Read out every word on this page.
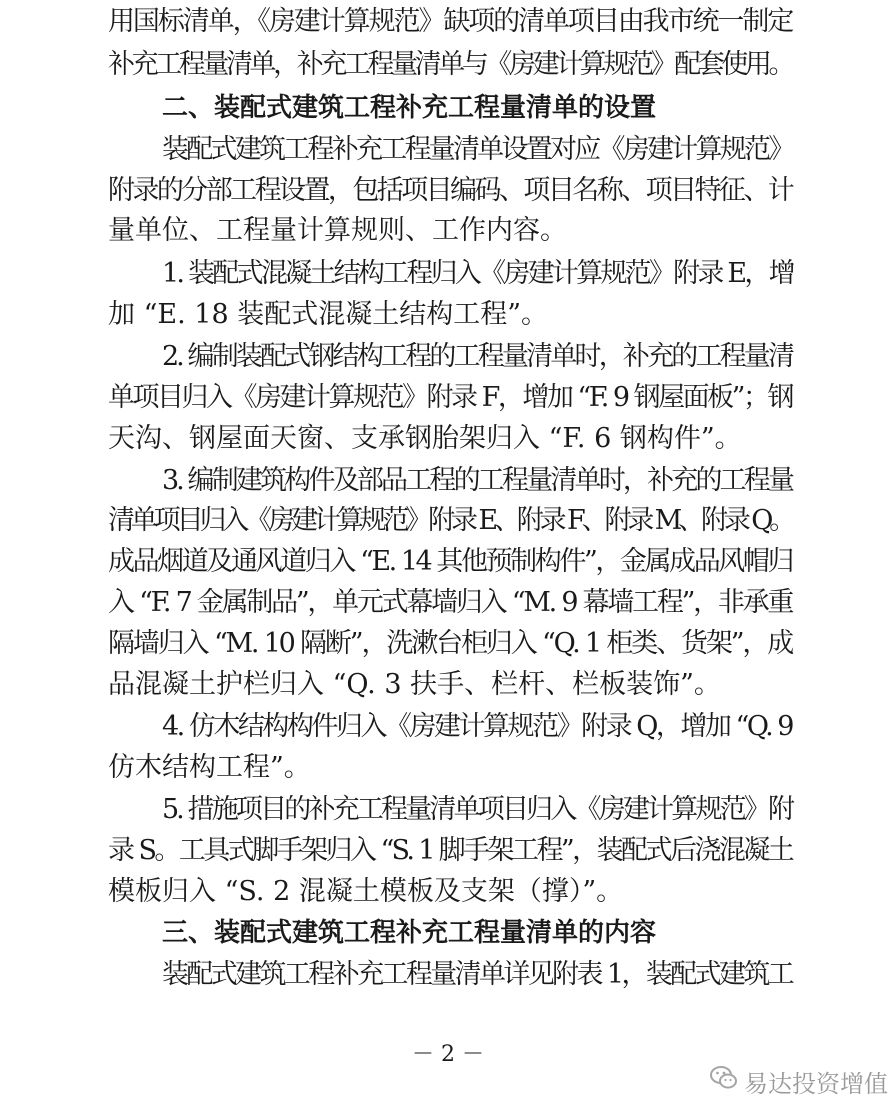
用国标清单，《房建计算规范》缺项的清单项目由我市统一制定
补充工程量清单，补充工程量清单与《房建计算规范》配套使用。
二、装配式建筑工程补充工程量清单的设置
装配式建筑工程补充工程量清单设置对应《房建计算规范》
附录的分部工程设置，包括项目编码、项目名称、项目特征、计
量单位、工程量计算规则、工作内容。
1. 装配式混凝土结构工程归入《房建计算规范》附录 E，增
加 “E. 18 装配式混凝土结构工程”。
2. 编制装配式钢结构工程的工程量清单时，补充的工程量清
单项目归入《房建计算规范》附录 F，增加 “F. 9 钢屋面板”；钢
天沟、钢屋面天窗、支承钢胎架归入 “F. 6 钢构件”。
3. 编制建筑构件及部品工程的工程量清单时，补充的工程量
清单项目归入《房建计算规范》附录 E、附录 F、附录 M、附录 Q。
成品烟道及通风道归入 “E. 14 其他预制构件”，金属成品风帽归
入 “F. 7 金属制品”，单元式幕墙归入 “M. 9 幕墙工程”，非承重
隔墙归入 “M. 10 隔断”，洗漱台柜归入 “Q. 1 柜类、货架”，成
品混凝土护栏归入 “Q. 3 扶手、栏杆、栏板装饰”。
4. 仿木结构构件归入《房建计算规范》附录 Q，增加 “Q. 9
仿木结构工程”。
5. 措施项目的补充工程量清单项目归入《房建计算规范》附
录 S。工具式脚手架归入 “S. 1 脚手架工程”，装配式后浇混凝土
模板归入 “S. 2 混凝土模板及支架（撑）”。
三、装配式建筑工程补充工程量清单的内容
装配式建筑工程补充工程量清单详见附表 1，装配式建筑工
－ 2 －
易达投资增值
